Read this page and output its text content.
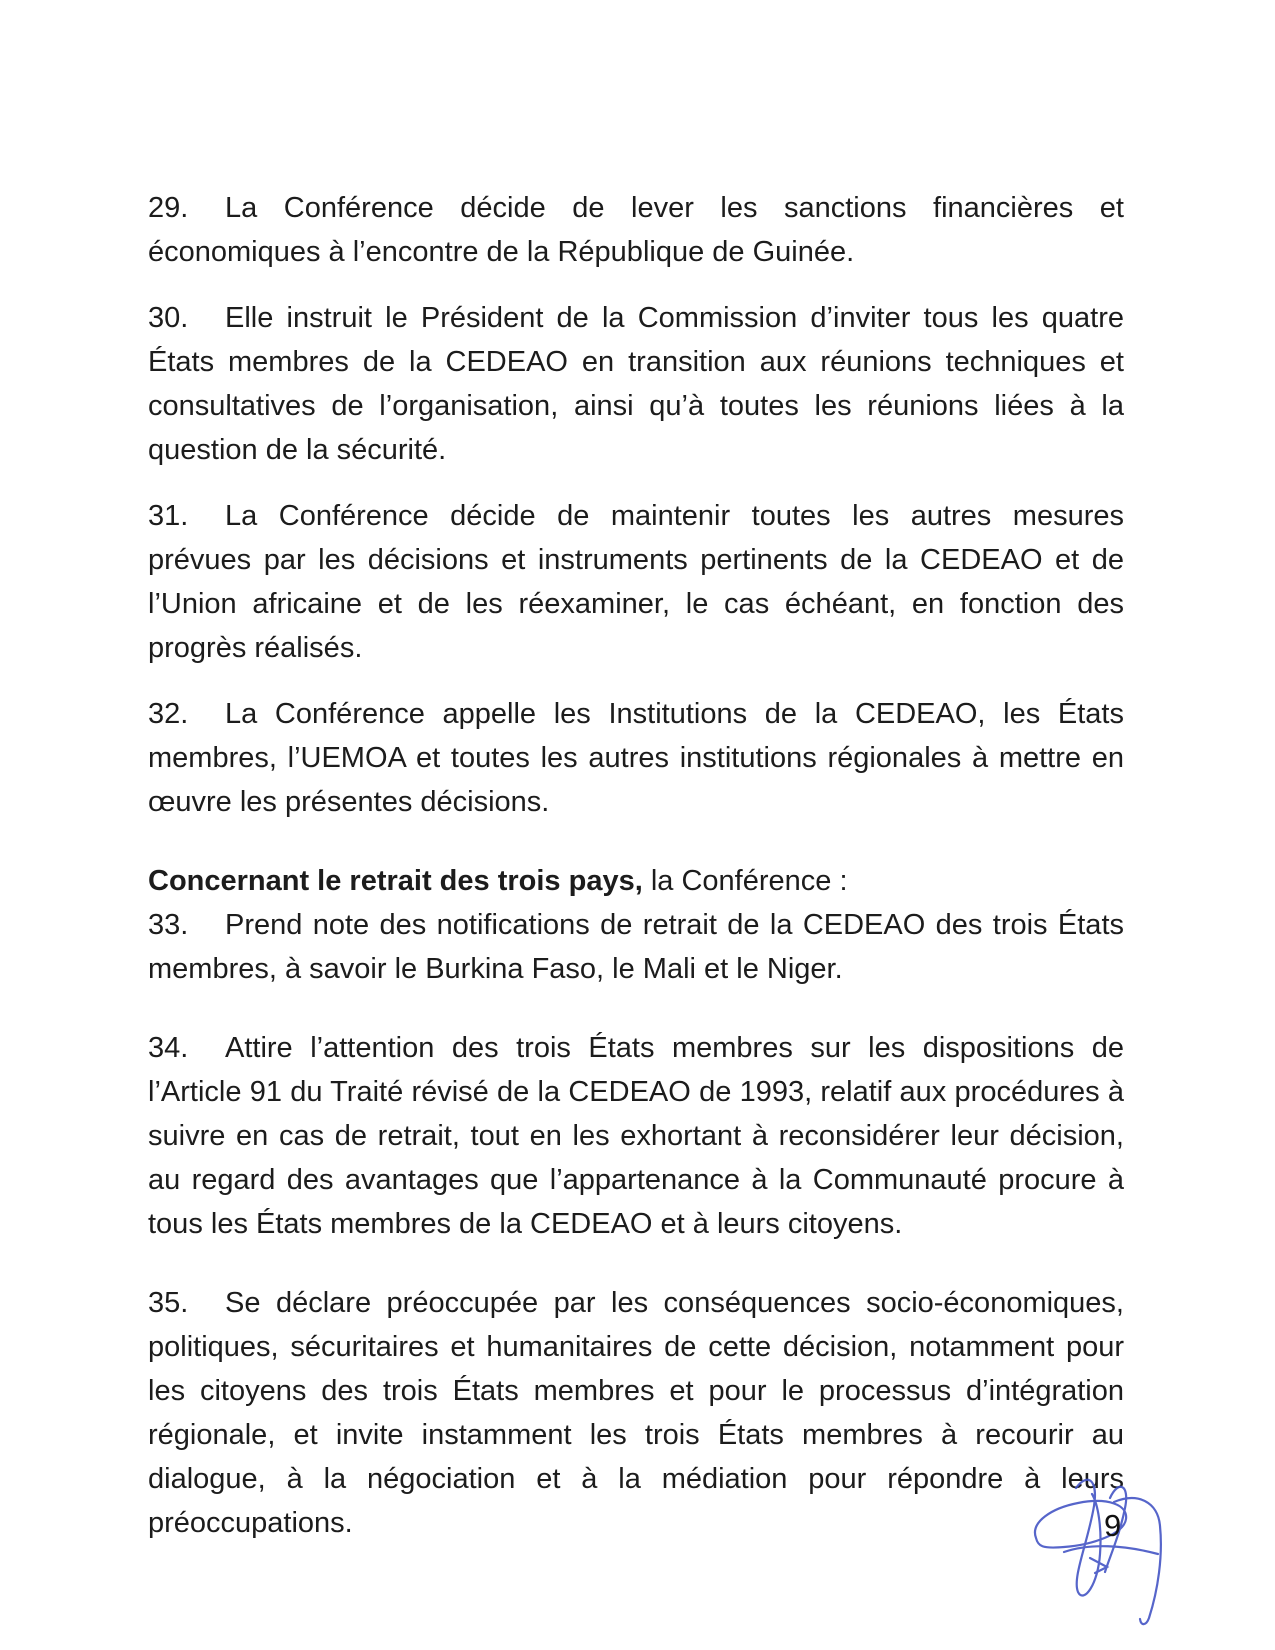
29. La Conférence décide de lever les sanctions financières et économiques à l’encontre de la République de Guinée.

30. Elle instruit le Président de la Commission d’inviter tous les quatre États membres de la CEDEAO en transition aux réunions techniques et consultatives de l’organisation, ainsi qu’à toutes les réunions liées à la question de la sécurité.

31. La Conférence décide de maintenir toutes les autres mesures prévues par les décisions et instruments pertinents de la CEDEAO et de l’Union africaine et de les réexaminer, le cas échéant, en fonction des progrès réalisés.

32. La Conférence appelle les Institutions de la CEDEAO, les États membres, l’UEMOA et toutes les autres institutions régionales à mettre en œuvre les présentes décisions.

Concernant le retrait des trois pays, la Conférence :

33. Prend note des notifications de retrait de la CEDEAO des trois États membres, à savoir le Burkina Faso, le Mali et le Niger.

34. Attire l’attention des trois États membres sur les dispositions de l’Article 91 du Traité révisé de la CEDEAO de 1993, relatif aux procédures à suivre en cas de retrait, tout en les exhortant à reconsidérer leur décision, au regard des avantages que l’appartenance à la Communauté procure à tous les États membres de la CEDEAO et à leurs citoyens.

35. Se déclare préoccupée par les conséquences socio-économiques, politiques, sécuritaires et humanitaires de cette décision, notamment pour les citoyens des trois États membres et pour le processus d’intégration régionale, et invite instamment les trois États membres à recourir au dialogue, à la négociation et à la médiation pour répondre à leurs préoccupations.	9
